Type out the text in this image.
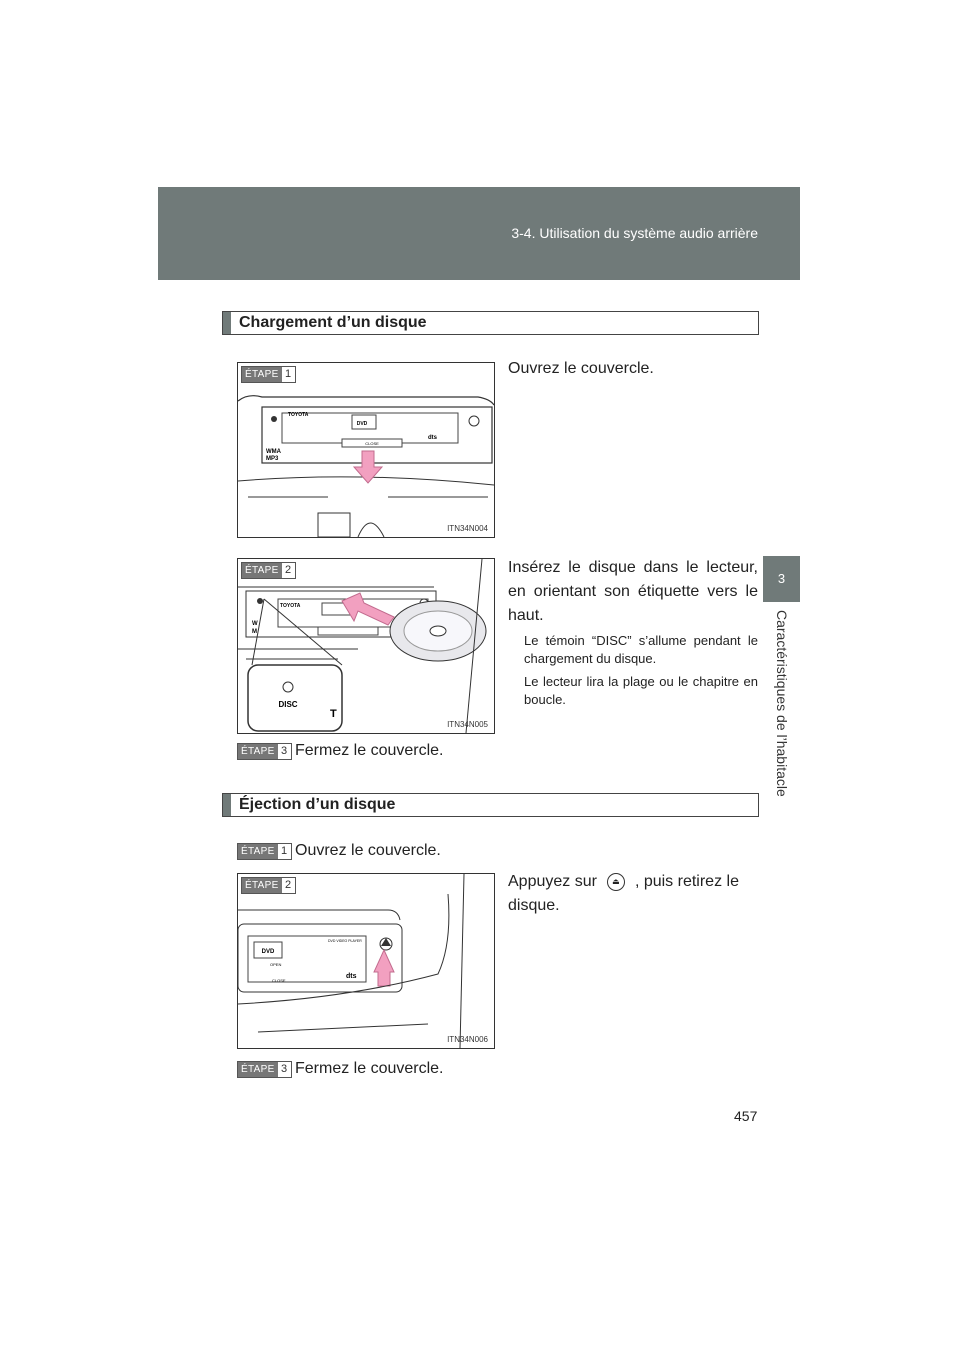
3-4. Utilisation du système audio arrière
3
Caractéristiques de l’habitacle
Chargement d’un disque
ÉTAPE 1
TOYOTA
DVD
CLOSE
WMA
MP3
dts
ITN34N004
Ouvrez le couvercle.
ÉTAPE 2
TOYOTA
W
M
DISC
T
ITN34N005
Insérez le disque dans le lecteur, en orientant son étiquette vers le haut.
Le témoin “DISC” s’allume pendant le chargement du disque.
Le lecteur lira la plage ou le chapitre en boucle.
ÉTAPE 3 Fermez le couvercle.
Éjection d’un disque
ÉTAPE 1 Ouvrez le couvercle.
ÉTAPE 2
DVD
DVD VIDEO PLAYER
OPEN
CLOSE
dts
ITN34N006
Appuyez sur ⏏ , puis retirez le disque.
ÉTAPE 3 Fermez le couvercle.
457
